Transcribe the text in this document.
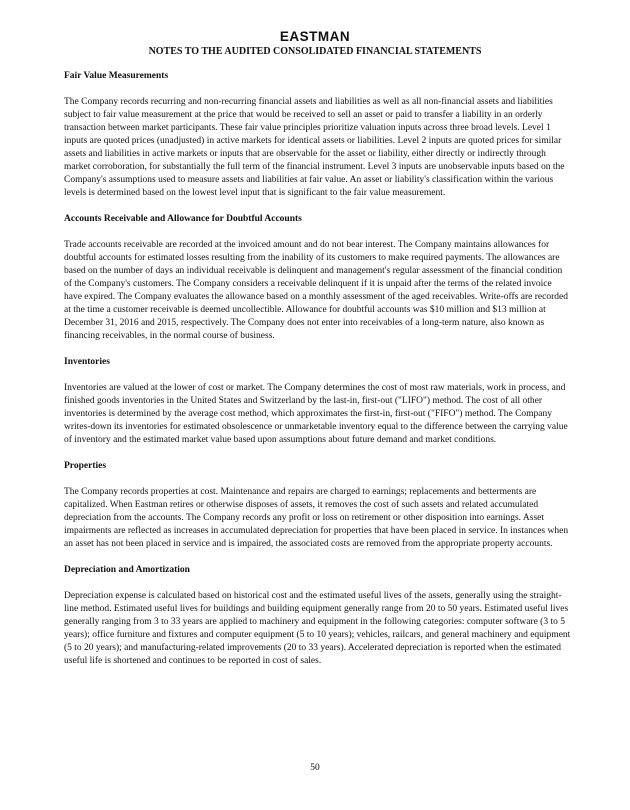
EASTMAN
NOTES TO THE AUDITED CONSOLIDATED FINANCIAL STATEMENTS
Fair Value Measurements
The Company records recurring and non-recurring financial assets and liabilities as well as all non-financial assets and liabilities subject to fair value measurement at the price that would be received to sell an asset or paid to transfer a liability in an orderly transaction between market participants. These fair value principles prioritize valuation inputs across three broad levels. Level 1 inputs are quoted prices (unadjusted) in active markets for identical assets or liabilities. Level 2 inputs are quoted prices for similar assets and liabilities in active markets or inputs that are observable for the asset or liability, either directly or indirectly through market corroboration, for substantially the full term of the financial instrument. Level 3 inputs are unobservable inputs based on the Company's assumptions used to measure assets and liabilities at fair value. An asset or liability's classification within the various levels is determined based on the lowest level input that is significant to the fair value measurement.
Accounts Receivable and Allowance for Doubtful Accounts
Trade accounts receivable are recorded at the invoiced amount and do not bear interest. The Company maintains allowances for doubtful accounts for estimated losses resulting from the inability of its customers to make required payments. The allowances are based on the number of days an individual receivable is delinquent and management's regular assessment of the financial condition of the Company's customers. The Company considers a receivable delinquent if it is unpaid after the terms of the related invoice have expired. The Company evaluates the allowance based on a monthly assessment of the aged receivables. Write-offs are recorded at the time a customer receivable is deemed uncollectible. Allowance for doubtful accounts was $10 million and $13 million at December 31, 2016 and 2015, respectively. The Company does not enter into receivables of a long-term nature, also known as financing receivables, in the normal course of business.
Inventories
Inventories are valued at the lower of cost or market. The Company determines the cost of most raw materials, work in process, and finished goods inventories in the United States and Switzerland by the last-in, first-out ("LIFO") method. The cost of all other inventories is determined by the average cost method, which approximates the first-in, first-out ("FIFO") method. The Company writes-down its inventories for estimated obsolescence or unmarketable inventory equal to the difference between the carrying value of inventory and the estimated market value based upon assumptions about future demand and market conditions.
Properties
The Company records properties at cost. Maintenance and repairs are charged to earnings; replacements and betterments are capitalized. When Eastman retires or otherwise disposes of assets, it removes the cost of such assets and related accumulated depreciation from the accounts. The Company records any profit or loss on retirement or other disposition into earnings. Asset impairments are reflected as increases in accumulated depreciation for properties that have been placed in service. In instances when an asset has not been placed in service and is impaired, the associated costs are removed from the appropriate property accounts.
Depreciation and Amortization
Depreciation expense is calculated based on historical cost and the estimated useful lives of the assets, generally using the straight-line method. Estimated useful lives for buildings and building equipment generally range from 20 to 50 years. Estimated useful lives generally ranging from 3 to 33 years are applied to machinery and equipment in the following categories: computer software (3 to 5 years); office furniture and fixtures and computer equipment (5 to 10 years); vehicles, railcars, and general machinery and equipment (5 to 20 years); and manufacturing-related improvements (20 to 33 years). Accelerated depreciation is reported when the estimated useful life is shortened and continues to be reported in cost of sales.
50
